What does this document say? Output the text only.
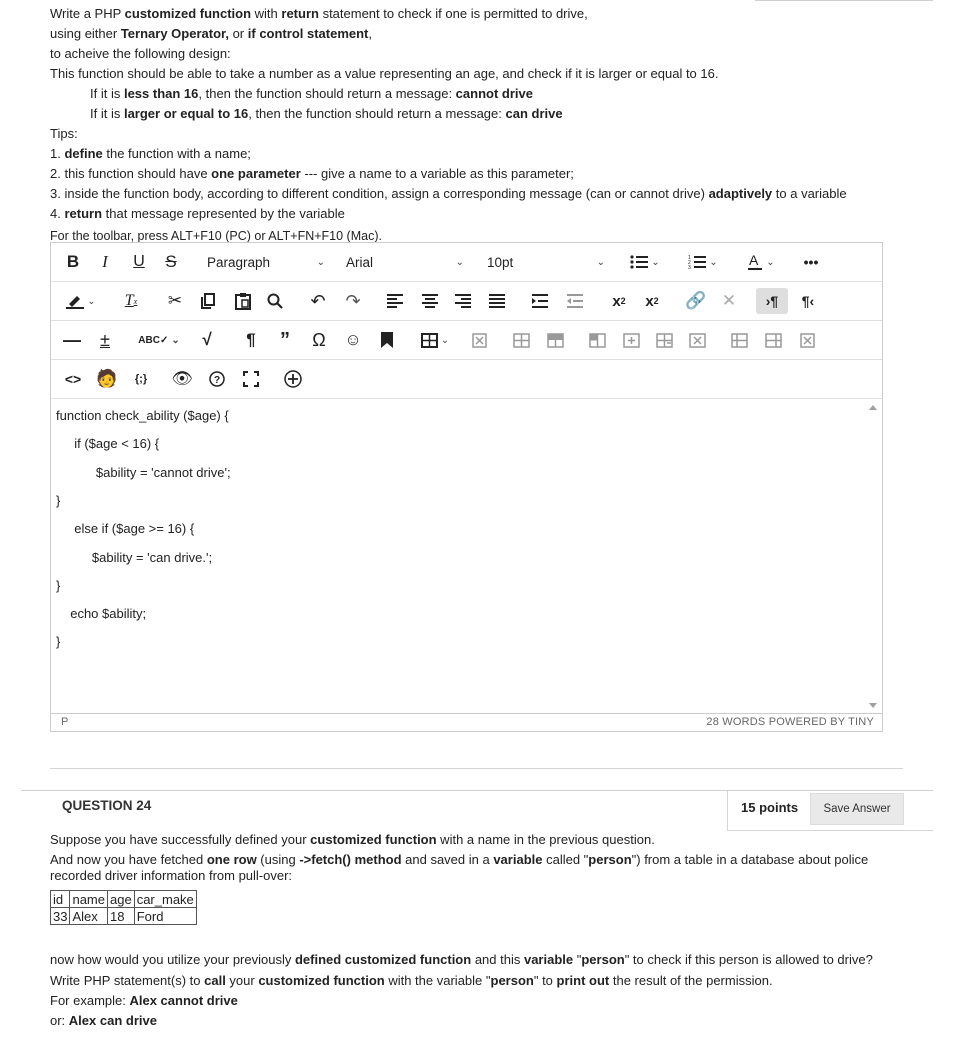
Write a PHP customized function with return statement to check if one is permitted to drive,
using either Ternary Operator, or if control statement,
to acheive the following design:
This function should be able to take a number as a value representing an age, and check if it is larger or equal to 16.
If it is less than 16, then the function should return a message: cannot drive
If it is larger or equal to 16, then the function should return a message: can drive
Tips:
1. define the function with a name;
2. this function should have one parameter --- give a name to a variable as this parameter;
3. inside the function body, according to different condition, assign a corresponding message (can or cannot drive) adaptively to a variable
4. return that message represented by the variable
For the toolbar, press ALT+F10 (PC) or ALT+FN+F10 (Mac).
B	I	U	S	Paragraph	⌄ Arial	⌄ 10pt	⌄	⌄	1
2
3
⌄ A ⌄	•••
⌄	T x ✂	↶ ↷	x 2	x 2 🔗 ✕	›¶	¶‹
—	±	ABC✓ ⌄	√	¶	”	Ω	☺	⌄
<> 🧑	{;}	👁 ?
function check_ability ($age) {
if ($age < 16) {
$ability = 'cannot drive';
}
else if ($age >= 16) {
$ability = 'can drive.';
}
echo $ability;
}
P	28 WORDS POWERED BY TINY
QUESTION 24	15 points	Save Answer

Suppose you have successfully defined your customized function with a name in the previous question.

And now you have fetched one row (using ->fetch() method and saved in a variable called "person") from a table in a database about police recorded driver information from pull-over:

id	name	age	car_make
33	Alex	18	Ford

now how would you utilize your previously defined customized function and this variable "person" to check if this person is allowed to drive?

Write PHP statement(s) to call your customized function with the variable "person" to print out the result of the permission.

For example: Alex cannot drive

or: Alex can drive
